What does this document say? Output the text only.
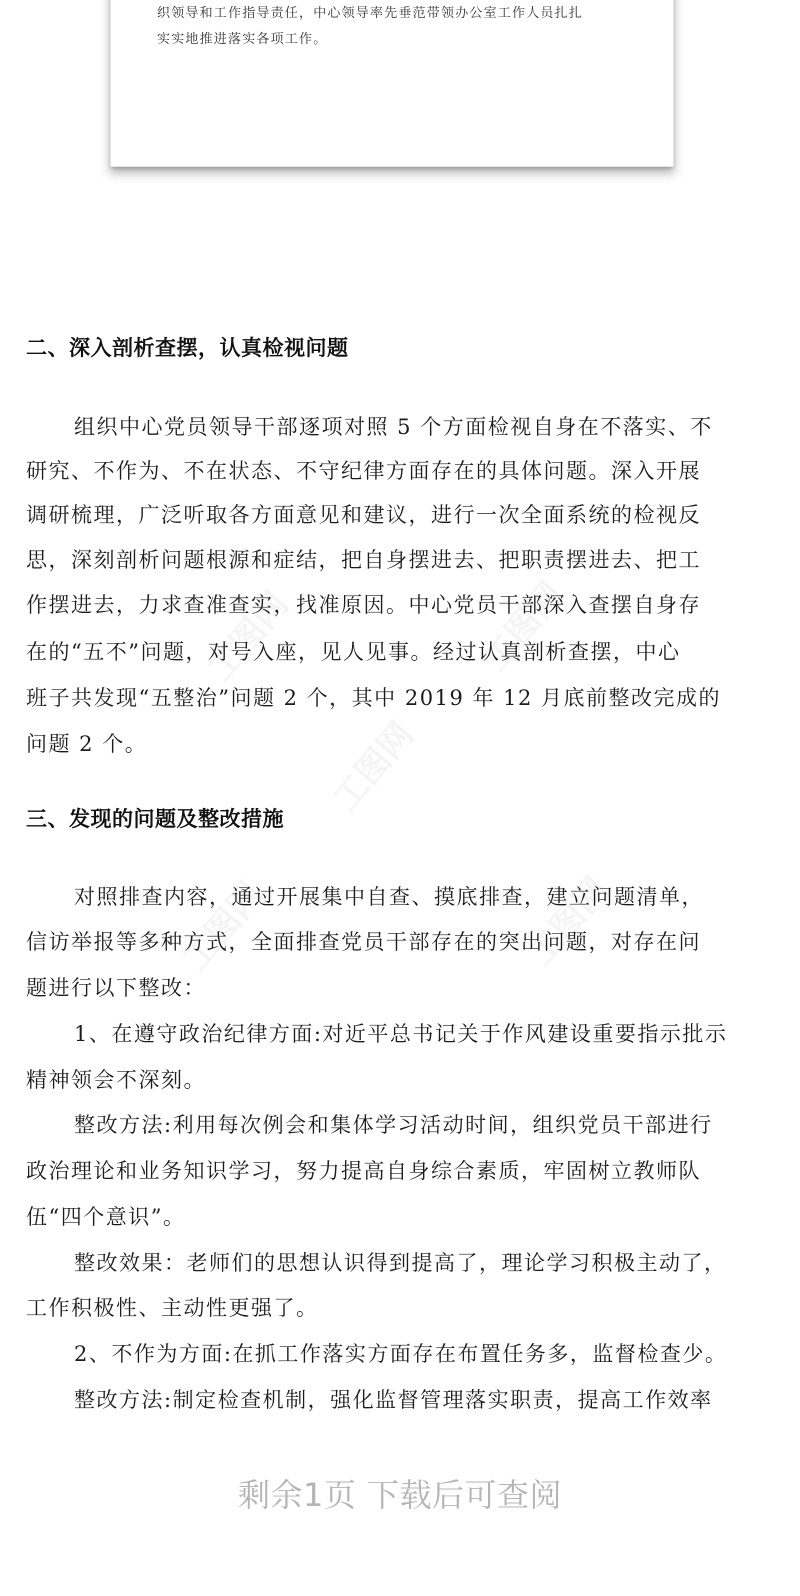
织领导和工作指导责任，中心领导率先垂范带领办公室工作人员扎扎

实实地推进落实各项工作。

二、深入剖析查摆，认真检视问题

组织中心党员领导干部逐项对照 5 个方面检视自身在不落实、不

研究、不作为、不在状态、不守纪律方面存在的具体问题。深入开展

调研梳理，广泛听取各方面意见和建议，进行一次全面系统的检视反

思，深刻剖析问题根源和症结，把自身摆进去、把职责摆进去、把工

作摆进去，力求查准查实，找准原因。中心党员干部深入查摆自身存

在的“五不”问题，对号入座，见人见事。经过认真剖析查摆，中心

班子共发现“五整治”问题 2 个，其中 2019 年 12 月底前整改完成的

问题 2 个。

三、发现的问题及整改措施

对照排查内容，通过开展集中自查、摸底排查，建立问题清单，

信访举报等多种方式，全面排查党员干部存在的突出问题，对存在问

题进行以下整改：

1、在遵守政治纪律方面:对近平总书记关于作风建设重要指示批示

精神领会不深刻。

整改方法:利用每次例会和集体学习活动时间，组织党员干部进行

政治理论和业务知识学习，努力提高自身综合素质，牢固树立教师队

伍“四个意识”。

整改效果：老师们的思想认识得到提高了，理论学习积极主动了，

工作积极性、主动性更强了。

2、不作为方面:在抓工作落实方面存在布置任务多，监督检查少。

整改方法:制定检查机制，强化监督管理落实职责，提高工作效率

剩余1页 下载后可查阅
